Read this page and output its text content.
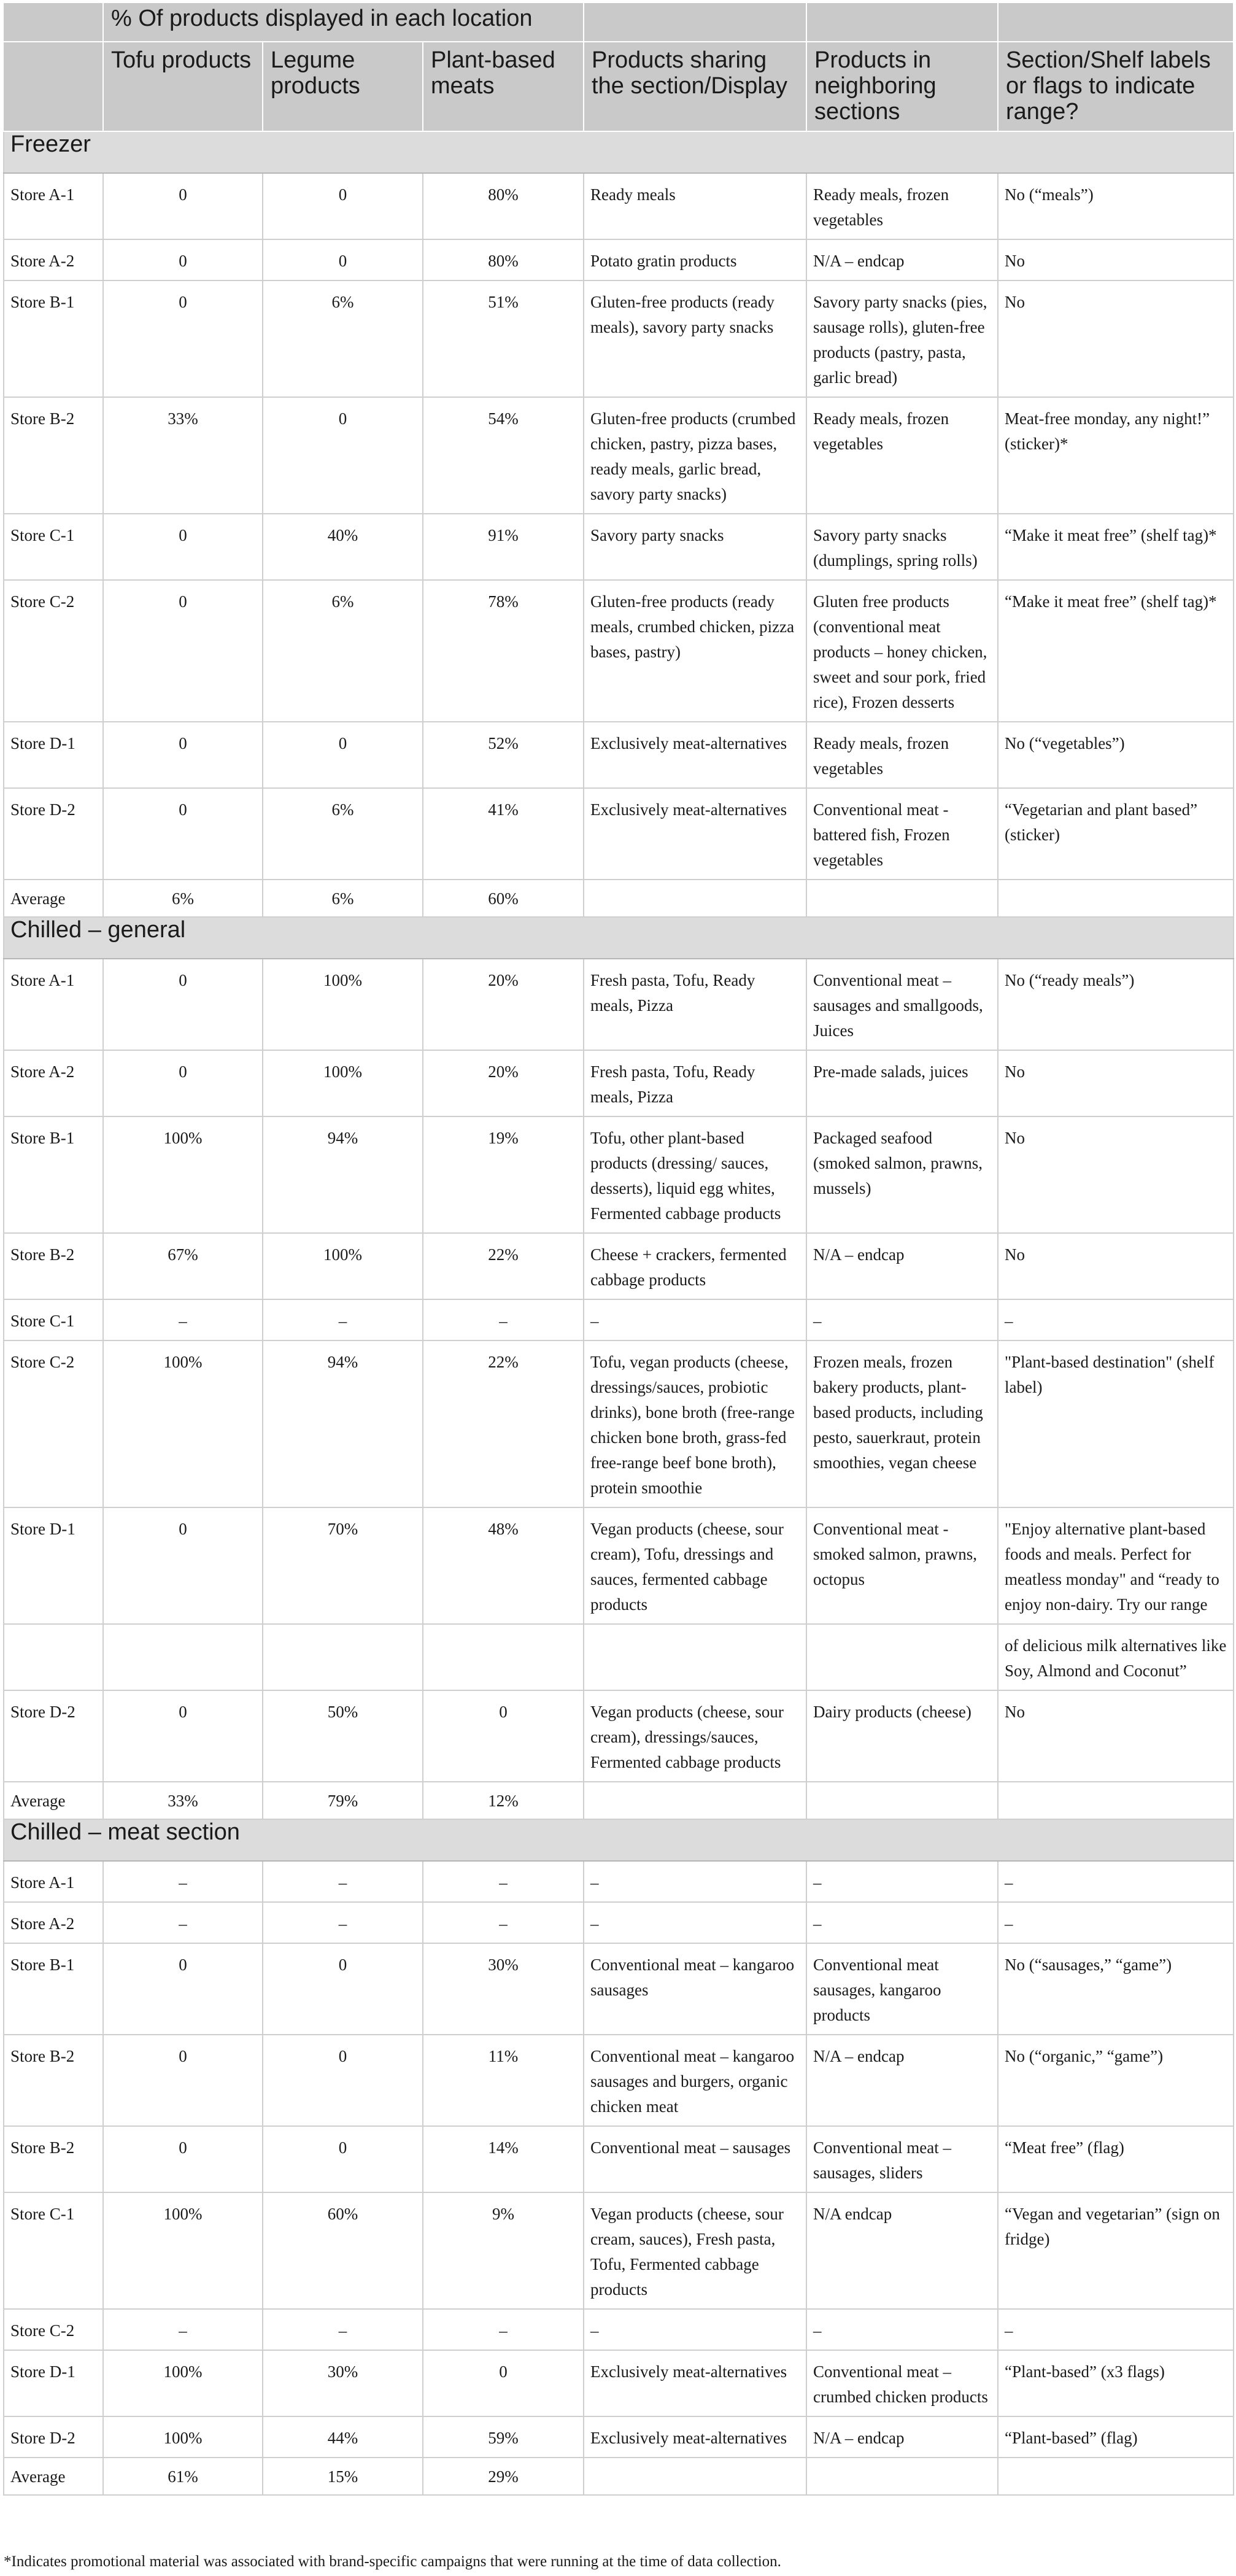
	% Of products displayed in each location					
	Tofu products	Legume products	Plant-based meats	Products sharing the section/Display	Products in neighboring sections	Section/Shelf labels or flags to indicate range?
Freezer						
Store A-1	0	0	80%	Ready meals	Ready meals, frozen vegetables	No (“meals”)
Store A-2	0	0	80%	Potato gratin products	N/A – endcap	No
Store B-1	0	6%	51%	Gluten-free products (ready meals), savory party snacks	Savory party snacks (pies, sausage rolls), gluten-free products (pastry, pasta, garlic bread)	No
Store B-2	33%	0	54%	Gluten-free products (crumbed chicken, pastry, pizza bases, ready meals, garlic bread, savory party snacks)	Ready meals, frozen vegetables	Meat-free monday, any night!” (sticker)*
Store C-1	0	40%	91%	Savory party snacks	Savory party snacks (dumplings, spring rolls)	“Make it meat free” (shelf tag)*
Store C-2	0	6%	78%	Gluten-free products (ready meals, crumbed chicken, pizza bases, pastry)	Gluten free products (conventional meat products – honey chicken, sweet and sour pork, fried rice), Frozen desserts	“Make it meat free” (shelf tag)*
Store D-1	0	0	52%	Exclusively meat-alternatives	Ready meals, frozen vegetables	No (“vegetables”)
Store D-2	0	6%	41%	Exclusively meat-alternatives	Conventional meat - battered fish, Frozen vegetables	“Vegetarian and plant based” (sticker)
Average	6%	6%	60%			
Chilled – general						
Store A-1	0	100%	20%	Fresh pasta, Tofu, Ready meals, Pizza	Conventional meat – sausages and smallgoods, Juices	No (“ready meals”)
Store A-2	0	100%	20%	Fresh pasta, Tofu, Ready meals, Pizza	Pre-made salads, juices	No
Store B-1	100%	94%	19%	Tofu, other plant-based products (dressing/ sauces, desserts), liquid egg whites, Fermented cabbage products	Packaged seafood (smoked salmon, prawns, mussels)	No
Store B-2	67%	100%	22%	Cheese + crackers, fermented cabbage products	N/A – endcap	No
Store C-1	–	–	–	–	–	–
Store C-2	100%	94%	22%	Tofu, vegan products (cheese, dressings/sauces, probiotic drinks), bone broth (free-range chicken bone broth, grass-fed free-range beef bone broth), protein smoothie	Frozen meals, frozen bakery products, plant-based products, including pesto, sauerkraut, protein smoothies, vegan cheese	"Plant-based destination" (shelf label)
Store D-1	0	70%	48%	Vegan products (cheese, sour cream), Tofu, dressings and sauces, fermented cabbage products	Conventional meat - smoked salmon, prawns, octopus	"Enjoy alternative plant-based foods and meals. Perfect for meatless monday" and “ready to enjoy non-dairy. Try our range
						of delicious milk alternatives like Soy, Almond and Coconut”
Store D-2	0	50%	0	Vegan products (cheese, sour cream), dressings/sauces, Fermented cabbage products	Dairy products (cheese)	No
Average	33%	79%	12%			
Chilled – meat section						
Store A-1	–	–	–	–	–	–
Store A-2	–	–	–	–	–	–
Store B-1	0	0	30%	Conventional meat – kangaroo sausages	Conventional meat sausages, kangaroo products	No (“sausages,” “game”)
Store B-2	0	0	11%	Conventional meat – kangaroo sausages and burgers, organic chicken meat	N/A – endcap	No (“organic,” “game”)
Store B-2	0	0	14%	Conventional meat – sausages	Conventional meat – sausages, sliders	“Meat free” (flag)
Store C-1	100%	60%	9%	Vegan products (cheese, sour cream, sauces), Fresh pasta, Tofu, Fermented cabbage products	N/A endcap	“Vegan and vegetarian” (sign on fridge)
Store C-2	–	–	–	–	–	–
Store D-1	100%	30%	0	Exclusively meat-alternatives	Conventional meat – crumbed chicken products	“Plant-based” (x3 flags)
Store D-2	100%	44%	59%	Exclusively meat-alternatives	N/A – endcap	“Plant-based” (flag)
Average	61%	15%	29%			
*Indicates promotional material was associated with brand-specific campaigns that were running at the time of data collection.
